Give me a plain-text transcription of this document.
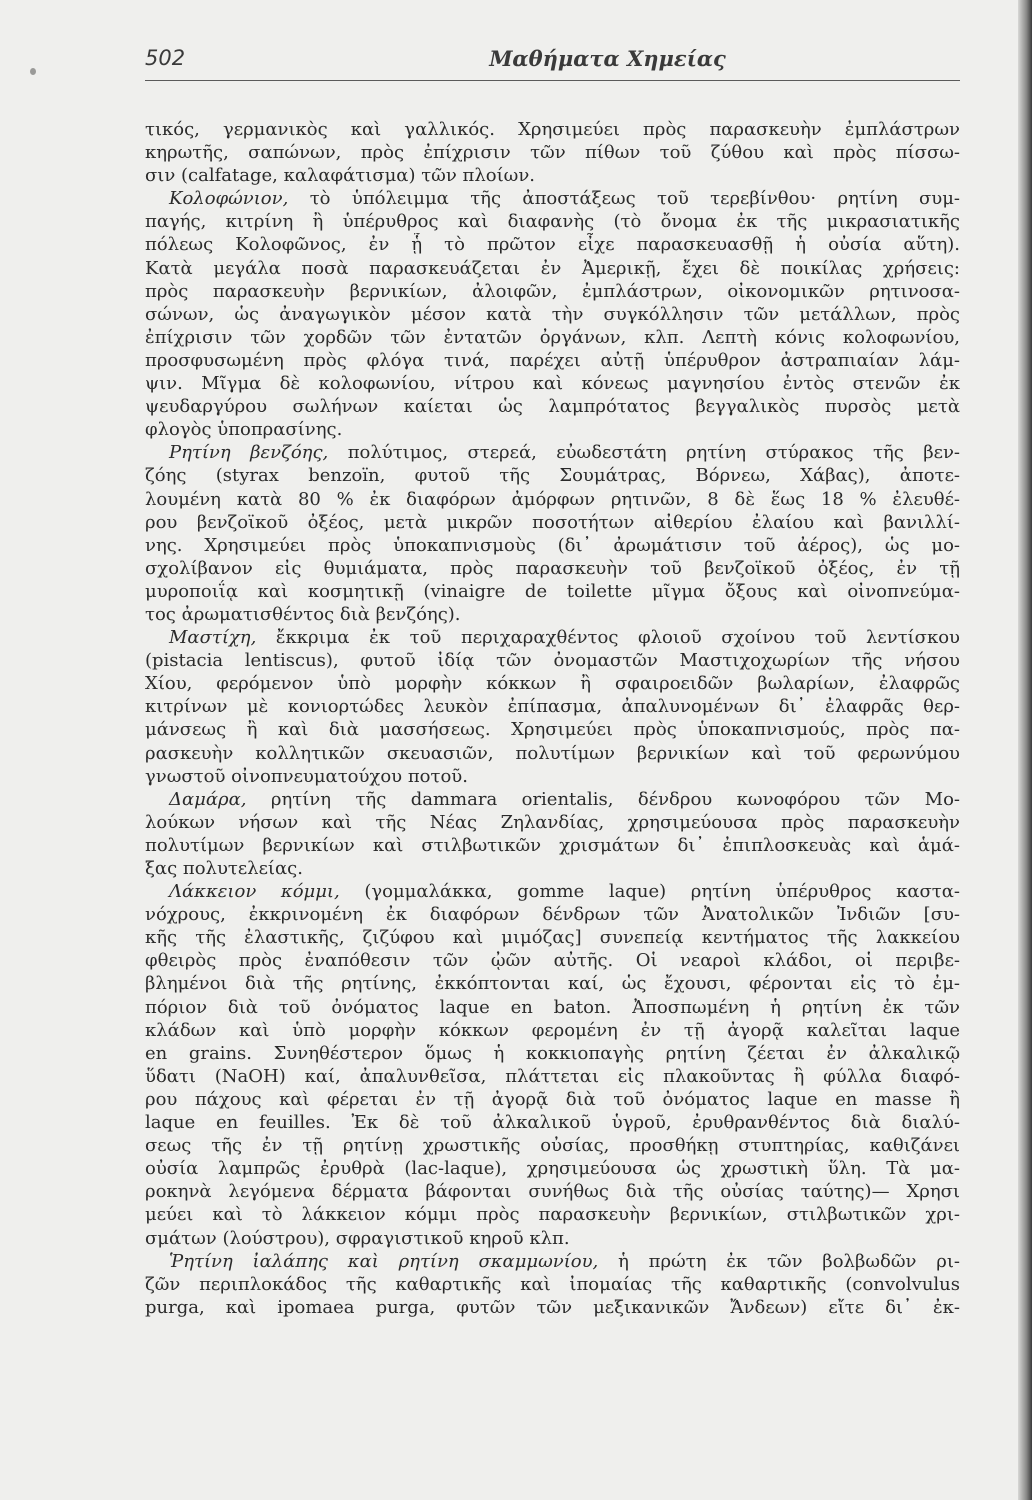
502	Μαθήματα Χημείας
τικός, γερμανικὸς καὶ γαλλικός. Χρησιμεύει πρὸς παρασκευὴν ἐμπλάστρων
κηρωτῆς, σαπώνων, πρὸς ἐπίχρισιν τῶν πίθων τοῦ ζύθου καὶ πρὸς πίσσω-
σιν (calfatage, καλαφάτισμα) τῶν πλοίων.
Κολοφώνιον, τὸ ὑπόλειμμα τῆς ἀποστάξεως τοῦ τερεβίνθου· ρητίνη συμ-
παγής, κιτρίνη ἢ ὑπέρυθρος καὶ διαφανὴς (τὸ ὄνομα ἐκ τῆς μικρασιατικῆς
πόλεως Κολοφῶνος, ἐν ᾗ τὸ πρῶτον εἶχε παρασκευασθῇ ἡ οὐσία αὕτη).
Κατὰ μεγάλα ποσὰ παρασκευάζεται ἐν Ἀμερικῇ, ἔχει δὲ ποικίλας χρήσεις:
πρὸς παρασκευὴν βερνικίων, ἀλοιφῶν, ἐμπλάστρων, οἰκονομικῶν ρητινοσα-
σώνων, ὡς ἀναγωγικὸν μέσον κατὰ τὴν συγκόλλησιν τῶν μετάλλων, πρὸς
ἐπίχρισιν τῶν χορδῶν τῶν ἐντατῶν ὀργάνων, κλπ. Λεπτὴ κόνις κολοφωνίου,
προσφυσωμένη πρὸς φλόγα τινά, παρέχει αὐτῇ ὑπέρυθρον ἀστραπιαίαν λάμ-
ψιν. Μῖγμα δὲ κολοφωνίου, νίτρου καὶ κόνεως μαγνησίου ἐντὸς στενῶν ἐκ
ψευδαργύρου σωλήνων καίεται ὡς λαμπρότατος βεγγαλικὸς πυρσὸς μετὰ
φλογὸς ὑποπρασίνης.
Ρητίνη βενζόης, πολύτιμος, στερεά, εὐωδεστάτη ρητίνη στύρακος τῆς βεν-
ζόης (styrax benzoïn, φυτοῦ τῆς Σουμάτρας, Βόρνεω, Χάβας), ἀποτε-
λουμένη κατὰ 80 % ἐκ διαφόρων ἀμόρφων ρητινῶν, 8 δὲ ἕως 18 % ἐλευθέ-
ρου βενζοϊκοῦ ὀξέος, μετὰ μικρῶν ποσοτήτων αἰθερίου ἐλαίου καὶ βανιλλί-
νης. Χρησιμεύει πρὸς ὑποκαπνισμοὺς (δι᾽ ἀρωμάτισιν τοῦ ἀέρος), ὡς μο-
σχολίβανον εἰς θυμιάματα, πρὸς παρασκευὴν τοῦ βενζοϊκοῦ ὀξέος, ἐν τῇ
μυροποιΐᾳ καὶ κοσμητικῇ (vinaigre de toilette μῖγμα ὄξους καὶ οἰνοπνεύμα-
τος ἀρωματισθέντος διὰ βενζόης).
Μαστίχη, ἔκκριμα ἐκ τοῦ περιχαραχθέντος φλοιοῦ σχοίνου τοῦ λεντίσκου
(pistacia lentiscus), φυτοῦ ἰδίᾳ τῶν ὀνομαστῶν Μαστιχοχωρίων τῆς νήσου
Χίου, φερόμενον ὑπὸ μορφὴν κόκκων ἢ σφαιροειδῶν βωλαρίων, ἐλαφρῶς
κιτρίνων μὲ κονιορτώδες λευκὸν ἐπίπασμα, ἀπαλυνομένων δι᾽ ἐλαφρᾶς θερ-
μάνσεως ἢ καὶ διὰ μασσήσεως. Χρησιμεύει πρὸς ὑποκαπνισμούς, πρὸς πα-
ρασκευὴν κολλητικῶν σκευασιῶν, πολυτίμων βερνικίων καὶ τοῦ φερωνύμου
γνωστοῦ οἰνοπνευματούχου ποτοῦ.
Δαμάρα, ρητίνη τῆς dammara orientalis, δένδρου κωνοφόρου τῶν Μο-
λούκων νήσων καὶ τῆς Νέας Ζηλανδίας, χρησιμεύουσα πρὸς παρασκευὴν
πολυτίμων βερνικίων καὶ στιλβωτικῶν χρισμάτων δι᾽ ἐπιπλοσκευὰς καὶ ἁμά-
ξας πολυτελείας.
Λάκκειον κόμμι, (γομμαλάκκα, gomme laque) ρητίνη ὑπέρυθρος καστα-
νόχρους, ἐκκρινομένη ἐκ διαφόρων δένδρων τῶν Ἀνατολικῶν Ἰνδιῶν [συ-
κῆς τῆς ἐλαστικῆς, ζιζύφου καὶ μιμόζας] συνεπείᾳ κεντήματος τῆς λακκείου
φθειρὸς πρὸς ἐναπόθεσιν τῶν ᾠῶν αὐτῆς. Οἱ νεαροὶ κλάδοι, οἱ περιβε-
βλημένοι διὰ τῆς ρητίνης, ἐκκόπτονται καί, ὡς ἔχουσι, φέρονται εἰς τὸ ἐμ-
πόριον διὰ τοῦ ὀνόματος laque en baton. Ἀποσπωμένη ἡ ρητίνη ἐκ τῶν
κλάδων καὶ ὑπὸ μορφὴν κόκκων φερομένη ἐν τῇ ἀγορᾷ καλεῖται laque
en grains. Συνηθέστερον ὅμως ἡ κοκκιοπαγὴς ρητίνη ζέεται ἐν ἀλκαλικῷ
ὕδατι (NaOH) καί, ἀπαλυνθεῖσα, πλάττεται εἰς πλακοῦντας ἢ φύλλα διαφό-
ρου πάχους καὶ φέρεται ἐν τῇ ἀγορᾷ διὰ τοῦ ὀνόματος laque en masse ἢ
laque en feuilles. Ἐκ δὲ τοῦ ἀλκαλικοῦ ὑγροῦ, ἐρυθρανθέντος διὰ διαλύ-
σεως τῆς ἐν τῇ ρητίνῃ χρωστικῆς οὐσίας, προσθήκῃ στυπτηρίας, καθιζάνει
οὐσία λαμπρῶς ἐρυθρὰ (lac-laque), χρησιμεύουσα ὡς χρωστικὴ ὕλη. Τὰ μα-
ροκηνὰ λεγόμενα δέρματα βάφονται συνήθως διὰ τῆς οὐσίας ταύτης)— Χρησι
μεύει καὶ τὸ λάκκειον κόμμι πρὸς παρασκευὴν βερνικίων, στιλβωτικῶν χρι-
σμάτων (λούστρου), σφραγιστικοῦ κηροῦ κλπ.
Ῥητίνη ἰαλάπης καὶ ρητίνη σκαμμωνίου, ἡ πρώτη ἐκ τῶν βολβωδῶν ρι-
ζῶν περιπλοκάδος τῆς καθαρτικῆς καὶ ἰπομαίας τῆς καθαρτικῆς (convolvulus
purga, καὶ ipomaea purga, φυτῶν τῶν μεξικανικῶν Ἄνδεων) εἴτε δι᾽ ἐκ-
